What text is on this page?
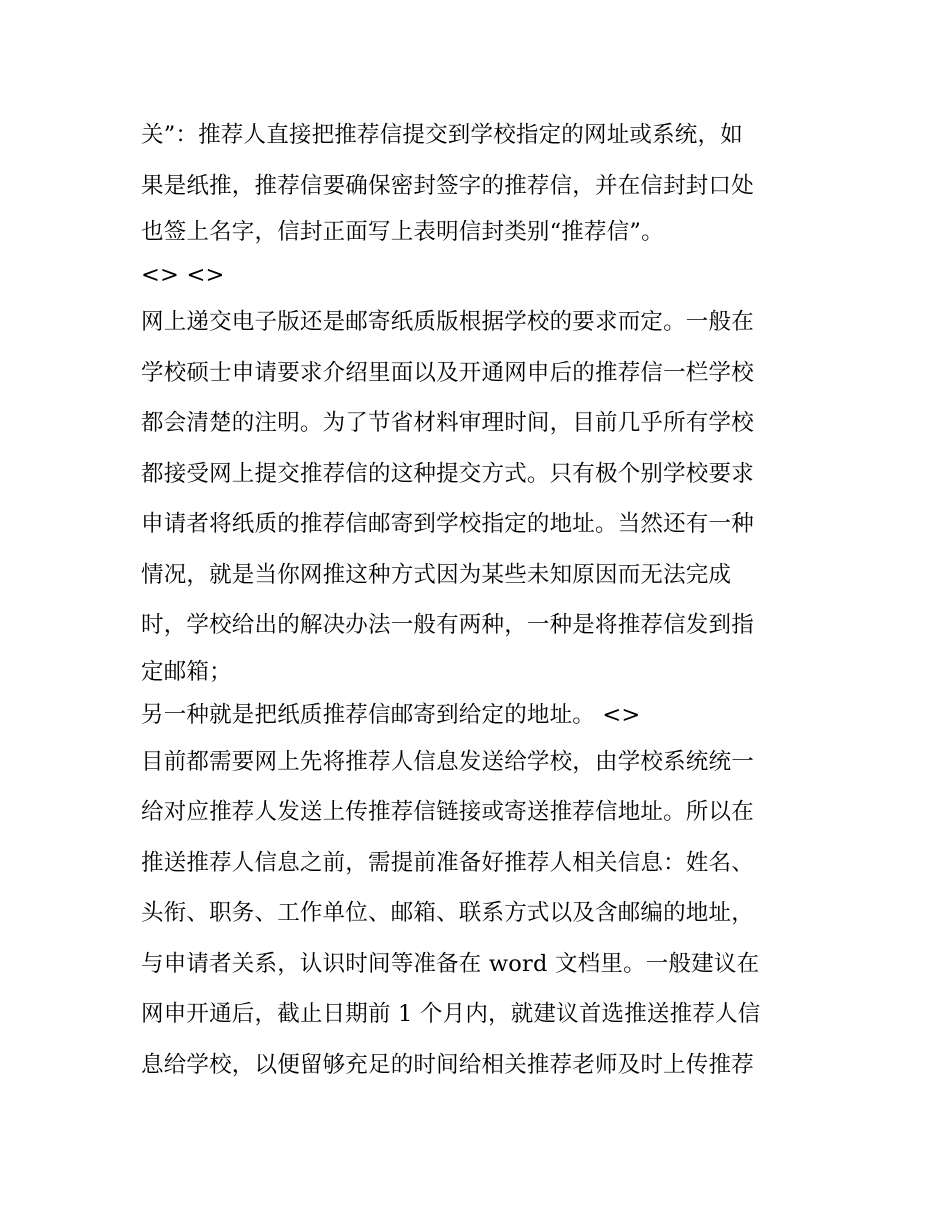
关”：推荐人直接把推荐信提交到学校指定的网址或系统，如
果是纸推，推荐信要确保密封签字的推荐信，并在信封封口处
也签上名字，信封正面写上表明信封类别“推荐信”。
<> <>
网上递交电子版还是邮寄纸质版根据学校的要求而定。一般在
学校硕士申请要求介绍里面以及开通网申后的推荐信一栏学校
都会清楚的注明。为了节省材料审理时间，目前几乎所有学校
都接受网上提交推荐信的这种提交方式。只有极个别学校要求
申请者将纸质的推荐信邮寄到学校指定的地址。当然还有一种
情况，就是当你网推这种方式因为某些未知原因而无法完成
时，学校给出的解决办法一般有两种，一种是将推荐信发到指
定邮箱；
另一种就是把纸质推荐信邮寄到给定的地址。 <>
目前都需要网上先将推荐人信息发送给学校，由学校系统统一
给对应推荐人发送上传推荐信链接或寄送推荐信地址。所以在
推送推荐人信息之前，需提前准备好推荐人相关信息：姓名、
头衔、职务、工作单位、邮箱、联系方式以及含邮编的地址，
与申请者关系，认识时间等准备在 word 文档里。一般建议在
网申开通后，截止日期前 1 个月内，就建议首选推送推荐人信
息给学校，以便留够充足的时间给相关推荐老师及时上传推荐
